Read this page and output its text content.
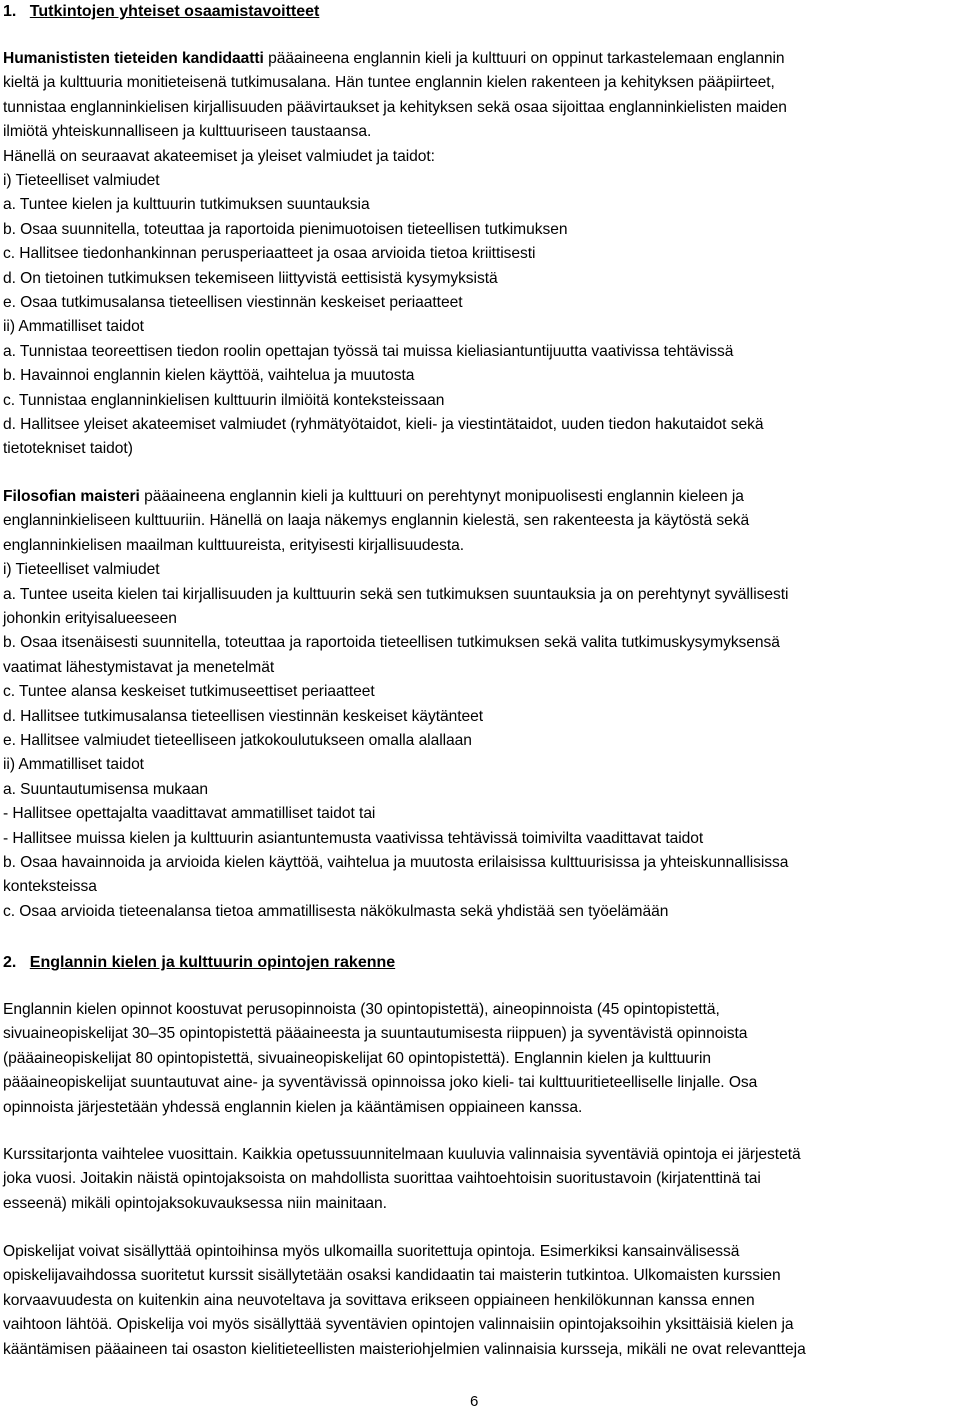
1. Tutkintojen yhteiset osaamistavoitteet
Humanististen tieteiden kandidaatti pääaineena englannin kieli ja kulttuuri on oppinut tarkastelemaan englannin
kieltä ja kulttuuria monitieteisenä tutkimusalana. Hän tuntee englannin kielen rakenteen ja kehityksen pääpiirteet,
tunnistaa englanninkielisen kirjallisuuden päävirtaukset ja kehityksen sekä osaa sijoittaa englanninkielisten maiden
ilmiötä yhteiskunnalliseen ja kulttuuriseen taustaansa.
Hänellä on seuraavat akateemiset ja yleiset valmiudet ja taidot:
i) Tieteelliset valmiudet
a. Tuntee kielen ja kulttuurin tutkimuksen suuntauksia
b. Osaa suunnitella, toteuttaa ja raportoida pienimuotoisen tieteellisen tutkimuksen
c. Hallitsee tiedonhankinnan perusperiaatteet ja osaa arvioida tietoa kriittisesti
d. On tietoinen tutkimuksen tekemiseen liittyvistä eettisistä kysymyksistä
e. Osaa tutkimusalansa tieteellisen viestinnän keskeiset periaatteet
ii) Ammatilliset taidot
a. Tunnistaa teoreettisen tiedon roolin opettajan työssä tai muissa kieliasiantuntijuutta vaativissa tehtävissä
b. Havainnoi englannin kielen käyttöä, vaihtelua ja muutosta
c. Tunnistaa englanninkielisen kulttuurin ilmiöitä konteksteissaan
d. Hallitsee yleiset akateemiset valmiudet (ryhmätyötaidot, kieli- ja viestintätaidot, uuden tiedon hakutaidot sekä
tietotekniset taidot)
Filosofian maisteri pääaineena englannin kieli ja kulttuuri on perehtynyt monipuolisesti englannin kieleen ja
englanninkieliseen kulttuuriin. Hänellä on laaja näkemys englannin kielestä, sen rakenteesta ja käytöstä sekä
englanninkielisen maailman kulttuureista, erityisesti kirjallisuudesta.
i) Tieteelliset valmiudet
a. Tuntee useita kielen tai kirjallisuuden ja kulttuurin sekä sen tutkimuksen suuntauksia ja on perehtynyt syvällisesti
johonkin erityisalueeseen
b. Osaa itsenäisesti suunnitella, toteuttaa ja raportoida tieteellisen tutkimuksen sekä valita tutkimuskysymyksensä
vaatimat lähestymistavat ja menetelmät
c. Tuntee alansa keskeiset tutkimuseettiset periaatteet
d. Hallitsee tutkimusalansa tieteellisen viestinnän keskeiset käytänteet
e. Hallitsee valmiudet tieteelliseen jatkokoulutukseen omalla alallaan
ii) Ammatilliset taidot
a. Suuntautumisensa mukaan
- Hallitsee opettajalta vaadittavat ammatilliset taidot tai
- Hallitsee muissa kielen ja kulttuurin asiantuntemusta vaativissa tehtävissä toimivilta vaadittavat taidot
b. Osaa havainnoida ja arvioida kielen käyttöä, vaihtelua ja muutosta erilaisissa kulttuurisissa ja yhteiskunnallisissa
konteksteissa
c. Osaa arvioida tieteenalansa tietoa ammatillisesta näkökulmasta sekä yhdistää sen työelämään
2. Englannin kielen ja kulttuurin opintojen rakenne
Englannin kielen opinnot koostuvat perusopinnoista (30 opintopistettä), aineopinnoista (45 opintopistettä,
sivuaineopiskelijat 30–35 opintopistettä pääaineesta ja suuntautumisesta riippuen) ja syventävistä opinnoista
(pääaineopiskelijat 80 opintopistettä, sivuaineopiskelijat 60 opintopistettä). Englannin kielen ja kulttuurin
pääaineopiskelijat suuntautuvat aine- ja syventävissä opinnoissa joko kieli- tai kulttuuritieteelliselle linjalle. Osa
opinnoista järjestetään yhdessä englannin kielen ja kääntämisen oppiaineen kanssa.
Kurssitarjonta vaihtelee vuosittain. Kaikkia opetussuunnitelmaan kuuluvia valinnaisia syventäviä opintoja ei järjestetä
joka vuosi. Joitakin näistä opintojaksoista on mahdollista suorittaa vaihtoehtoisin suoritustavoin (kirjatenttinä tai
esseenä) mikäli opintojaksokuvauksessa niin mainitaan.
Opiskelijat voivat sisällyttää opintoihinsa myös ulkomailla suoritettuja opintoja. Esimerkiksi kansainvälisessä
opiskelijavaihdossa suoritetut kurssit sisällytetään osaksi kandidaatin tai maisterin tutkintoa. Ulkomaisten kurssien
korvaavuudesta on kuitenkin aina neuvoteltava ja sovittava erikseen oppiaineen henkilökunnan kanssa ennen
vaihtoon lähtöä. Opiskelija voi myös sisällyttää syventävien opintojen valinnaisiin opintojaksoihin yksittäisiä kielen ja
kääntämisen pääaineen tai osaston kielitieteellisten maisteriohjelmien valinnaisia kursseja, mikäli ne ovat relevantteja
6
